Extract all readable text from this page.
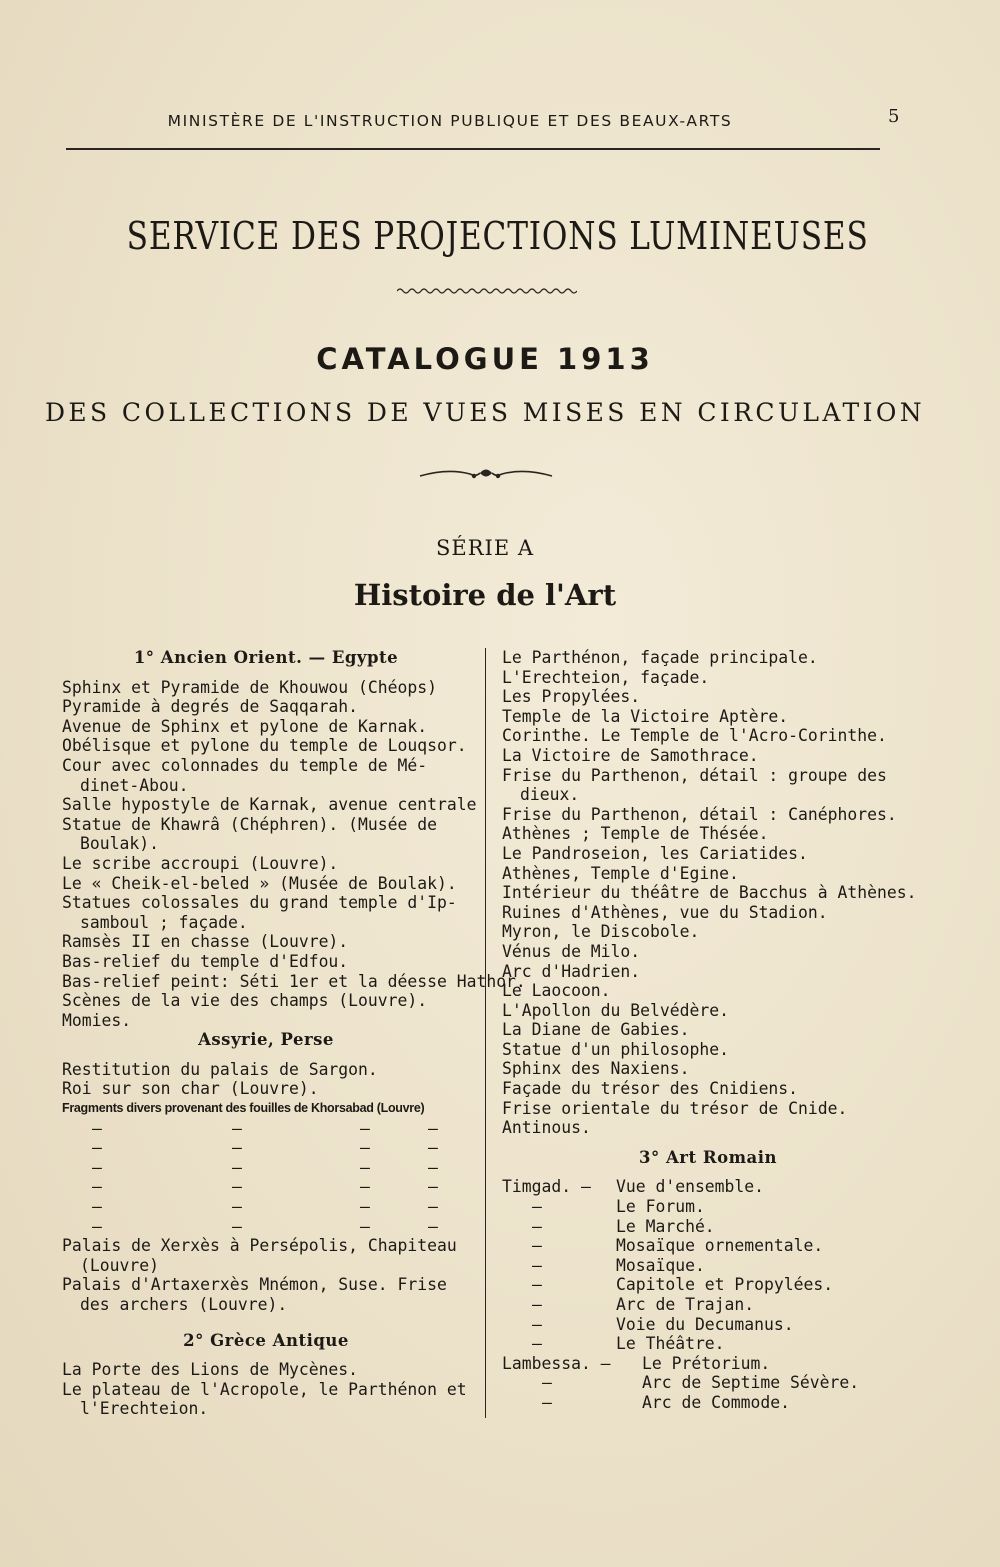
MINISTÈRE DE L'INSTRUCTION PUBLIQUE ET DES BEAUX-ARTS	5
SERVICE DES PROJECTIONS LUMINEUSES
CATALOGUE 1913
DES COLLECTIONS DE VUES MISES EN CIRCULATION
SÉRIE A
Histoire de l'Art
1° Ancien Orient. — Egypte
Sphinx et Pyramide de Khouwou (Chéops)
Pyramide à degrés de Saqqarah.
Avenue de Sphinx et pylone de Karnak.
Obélisque et pylone du temple de Louqsor.
Cour avec colonnades du temple de Mé-
dinet-Abou.
Salle hypostyle de Karnak, avenue centrale
Statue de Khawrâ (Chéphren). (Musée de
Boulak).
Le scribe accroupi (Louvre).
Le « Cheik-el-beled » (Musée de Boulak).
Statues colossales du grand temple d'Ip-
samboul ; façade.
Ramsès II en chasse (Louvre).
Bas-relief du temple d'Edfou.
Bas-relief peint: Séti 1er et la déesse Hathor.
Scènes de la vie des champs (Louvre).
Momies.
Assyrie, Perse
Restitution du palais de Sargon.
Roi sur son char (Louvre).
Fragments divers provenant des fouilles de Khorsabad (Louvre)
—	—	—	—
—	—	—	—
—	—	—	—
—	—	—	—
—	—	—	—
—	—	—	—
Palais de Xerxès à Persépolis, Chapiteau
(Louvre)
Palais d'Artaxerxès Mnémon, Suse. Frise
des archers (Louvre).
2° Grèce Antique
La Porte des Lions de Mycènes.
Le plateau de l'Acropole, le Parthénon et
l'Erechteion.
Le Parthénon, façade principale.
L'Erechteion, façade.
Les Propylées.
Temple de la Victoire Aptère.
Corinthe. Le Temple de l'Acro-Corinthe.
La Victoire de Samothrace.
Frise du Parthenon, détail : groupe des
dieux.
Frise du Parthenon, détail : Canéphores.
Athènes ; Temple de Thésée.
Le Pandroseion, les Cariatides.
Athènes, Temple d'Egine.
Intérieur du théâtre de Bacchus à Athènes.
Ruines d'Athènes, vue du Stadion.
Myron, le Discobole.
Vénus de Milo.
Arc d'Hadrien.
Le Laocoon.
L'Apollon du Belvédère.
La Diane de Gabies.
Statue d'un philosophe.
Sphinx des Naxiens.
Façade du trésor des Cnidiens.
Frise orientale du trésor de Cnide.
Antinous.
3° Art Romain
Timgad. — Vue d'ensemble.
—	Le Forum.
—	Le Marché.
—	Mosaïque ornementale.
—	Mosaïque.
—	Capitole et Propylées.
—	Arc de Trajan.
—	Voie du Decumanus.
—	Le Théâtre.
Lambessa. — Le Prétorium.
—	Arc de Septime Sévère.
—	Arc de Commode.
